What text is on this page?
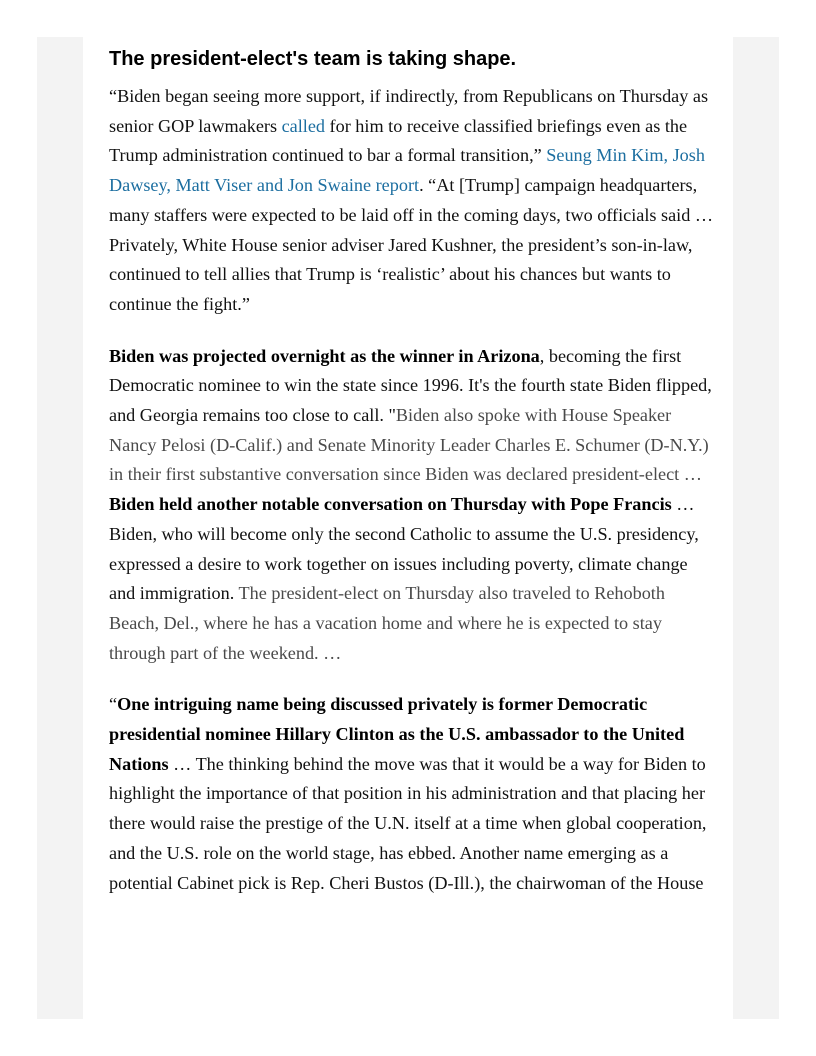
The president-elect's team is taking shape.

“Biden began seeing more support, if indirectly, from Republicans on Thursday as senior GOP lawmakers called for him to receive classified briefings even as the Trump administration continued to bar a formal transition,” Seung Min Kim, Josh Dawsey, Matt Viser and Jon Swaine report. “At [Trump] campaign headquarters, many staffers were expected to be laid off in the coming days, two officials said … Privately, White House senior adviser Jared Kushner, the president’s son-in-law, continued to tell allies that Trump is ‘realistic’ about his chances but wants to continue the fight.”

Biden was projected overnight as the winner in Arizona, becoming the first Democratic nominee to win the state since 1996. It's the fourth state Biden flipped, and Georgia remains too close to call. "Biden also spoke with House Speaker Nancy Pelosi (D-Calif.) and Senate Minority Leader Charles E. Schumer (D-N.Y.) in their first substantive conversation since Biden was declared president-elect … Biden held another notable conversation on Thursday with Pope Francis … Biden, who will become only the second Catholic to assume the U.S. presidency, expressed a desire to work together on issues including poverty, climate change and immigration. The president-elect on Thursday also traveled to Rehoboth Beach, Del., where he has a vacation home and where he is expected to stay through part of the weekend. …

“One intriguing name being discussed privately is former Democratic presidential nominee Hillary Clinton as the U.S. ambassador to the United Nations … The thinking behind the move was that it would be a way for Biden to highlight the importance of that position in his administration and that placing her there would raise the prestige of the U.N. itself at a time when global cooperation, and the U.S. role on the world stage, has ebbed. Another name emerging as a potential Cabinet pick is Rep. Cheri Bustos (D-Ill.), the chairwoman of the House
